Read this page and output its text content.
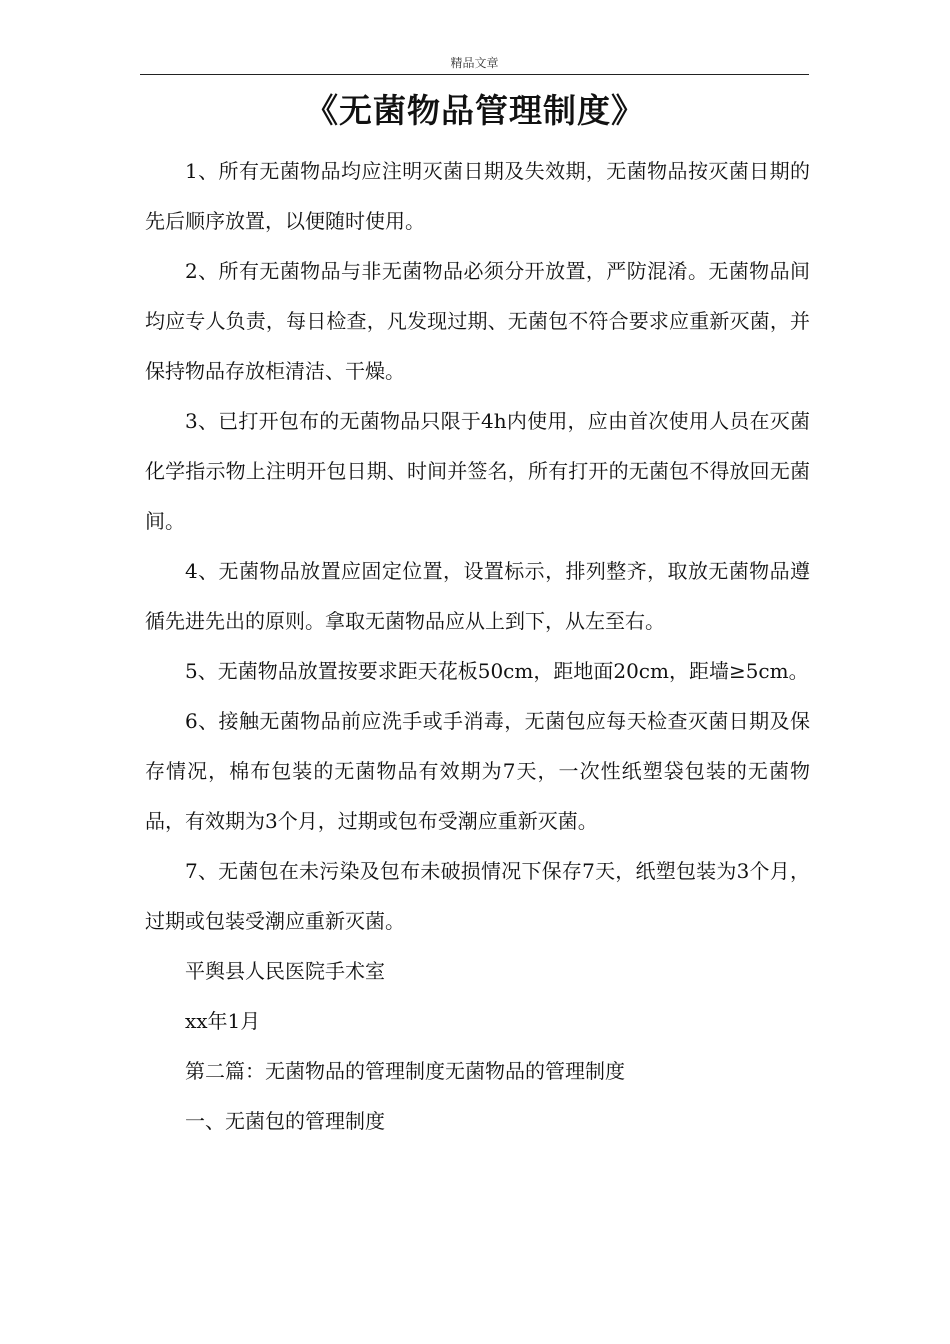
精品文章
《无菌物品管理制度》

1、所有无菌物品均应注明灭菌日期及失效期，无菌物品按灭菌日期的先后顺序放置，以便随时使用。

2、所有无菌物品与非无菌物品必须分开放置，严防混淆。无菌物品间均应专人负责，每日检查，凡发现过期、无菌包不符合要求应重新灭菌，并保持物品存放柜清洁、干燥。

3、已打开包布的无菌物品只限于4h内使用，应由首次使用人员在灭菌化学指示物上注明开包日期、时间并签名，所有打开的无菌包不得放回无菌间。

4、无菌物品放置应固定位置，设置标示，排列整齐，取放无菌物品遵循先进先出的原则。拿取无菌物品应从上到下，从左至右。

5、无菌物品放置按要求距天花板50cm，距地面20cm，距墙≥5cm。

6、接触无菌物品前应洗手或手消毒，无菌包应每天检查灭菌日期及保存情况，棉布包装的无菌物品有效期为7天，一次性纸塑袋包装的无菌物品，有效期为3个月，过期或包布受潮应重新灭菌。

7、无菌包在未污染及包布未破损情况下保存7天，纸塑包装为3个月，过期或包装受潮应重新灭菌。

平舆县人民医院手术室

xx年1月

第二篇：无菌物品的管理制度无菌物品的管理制度

一、无菌包的管理制度
